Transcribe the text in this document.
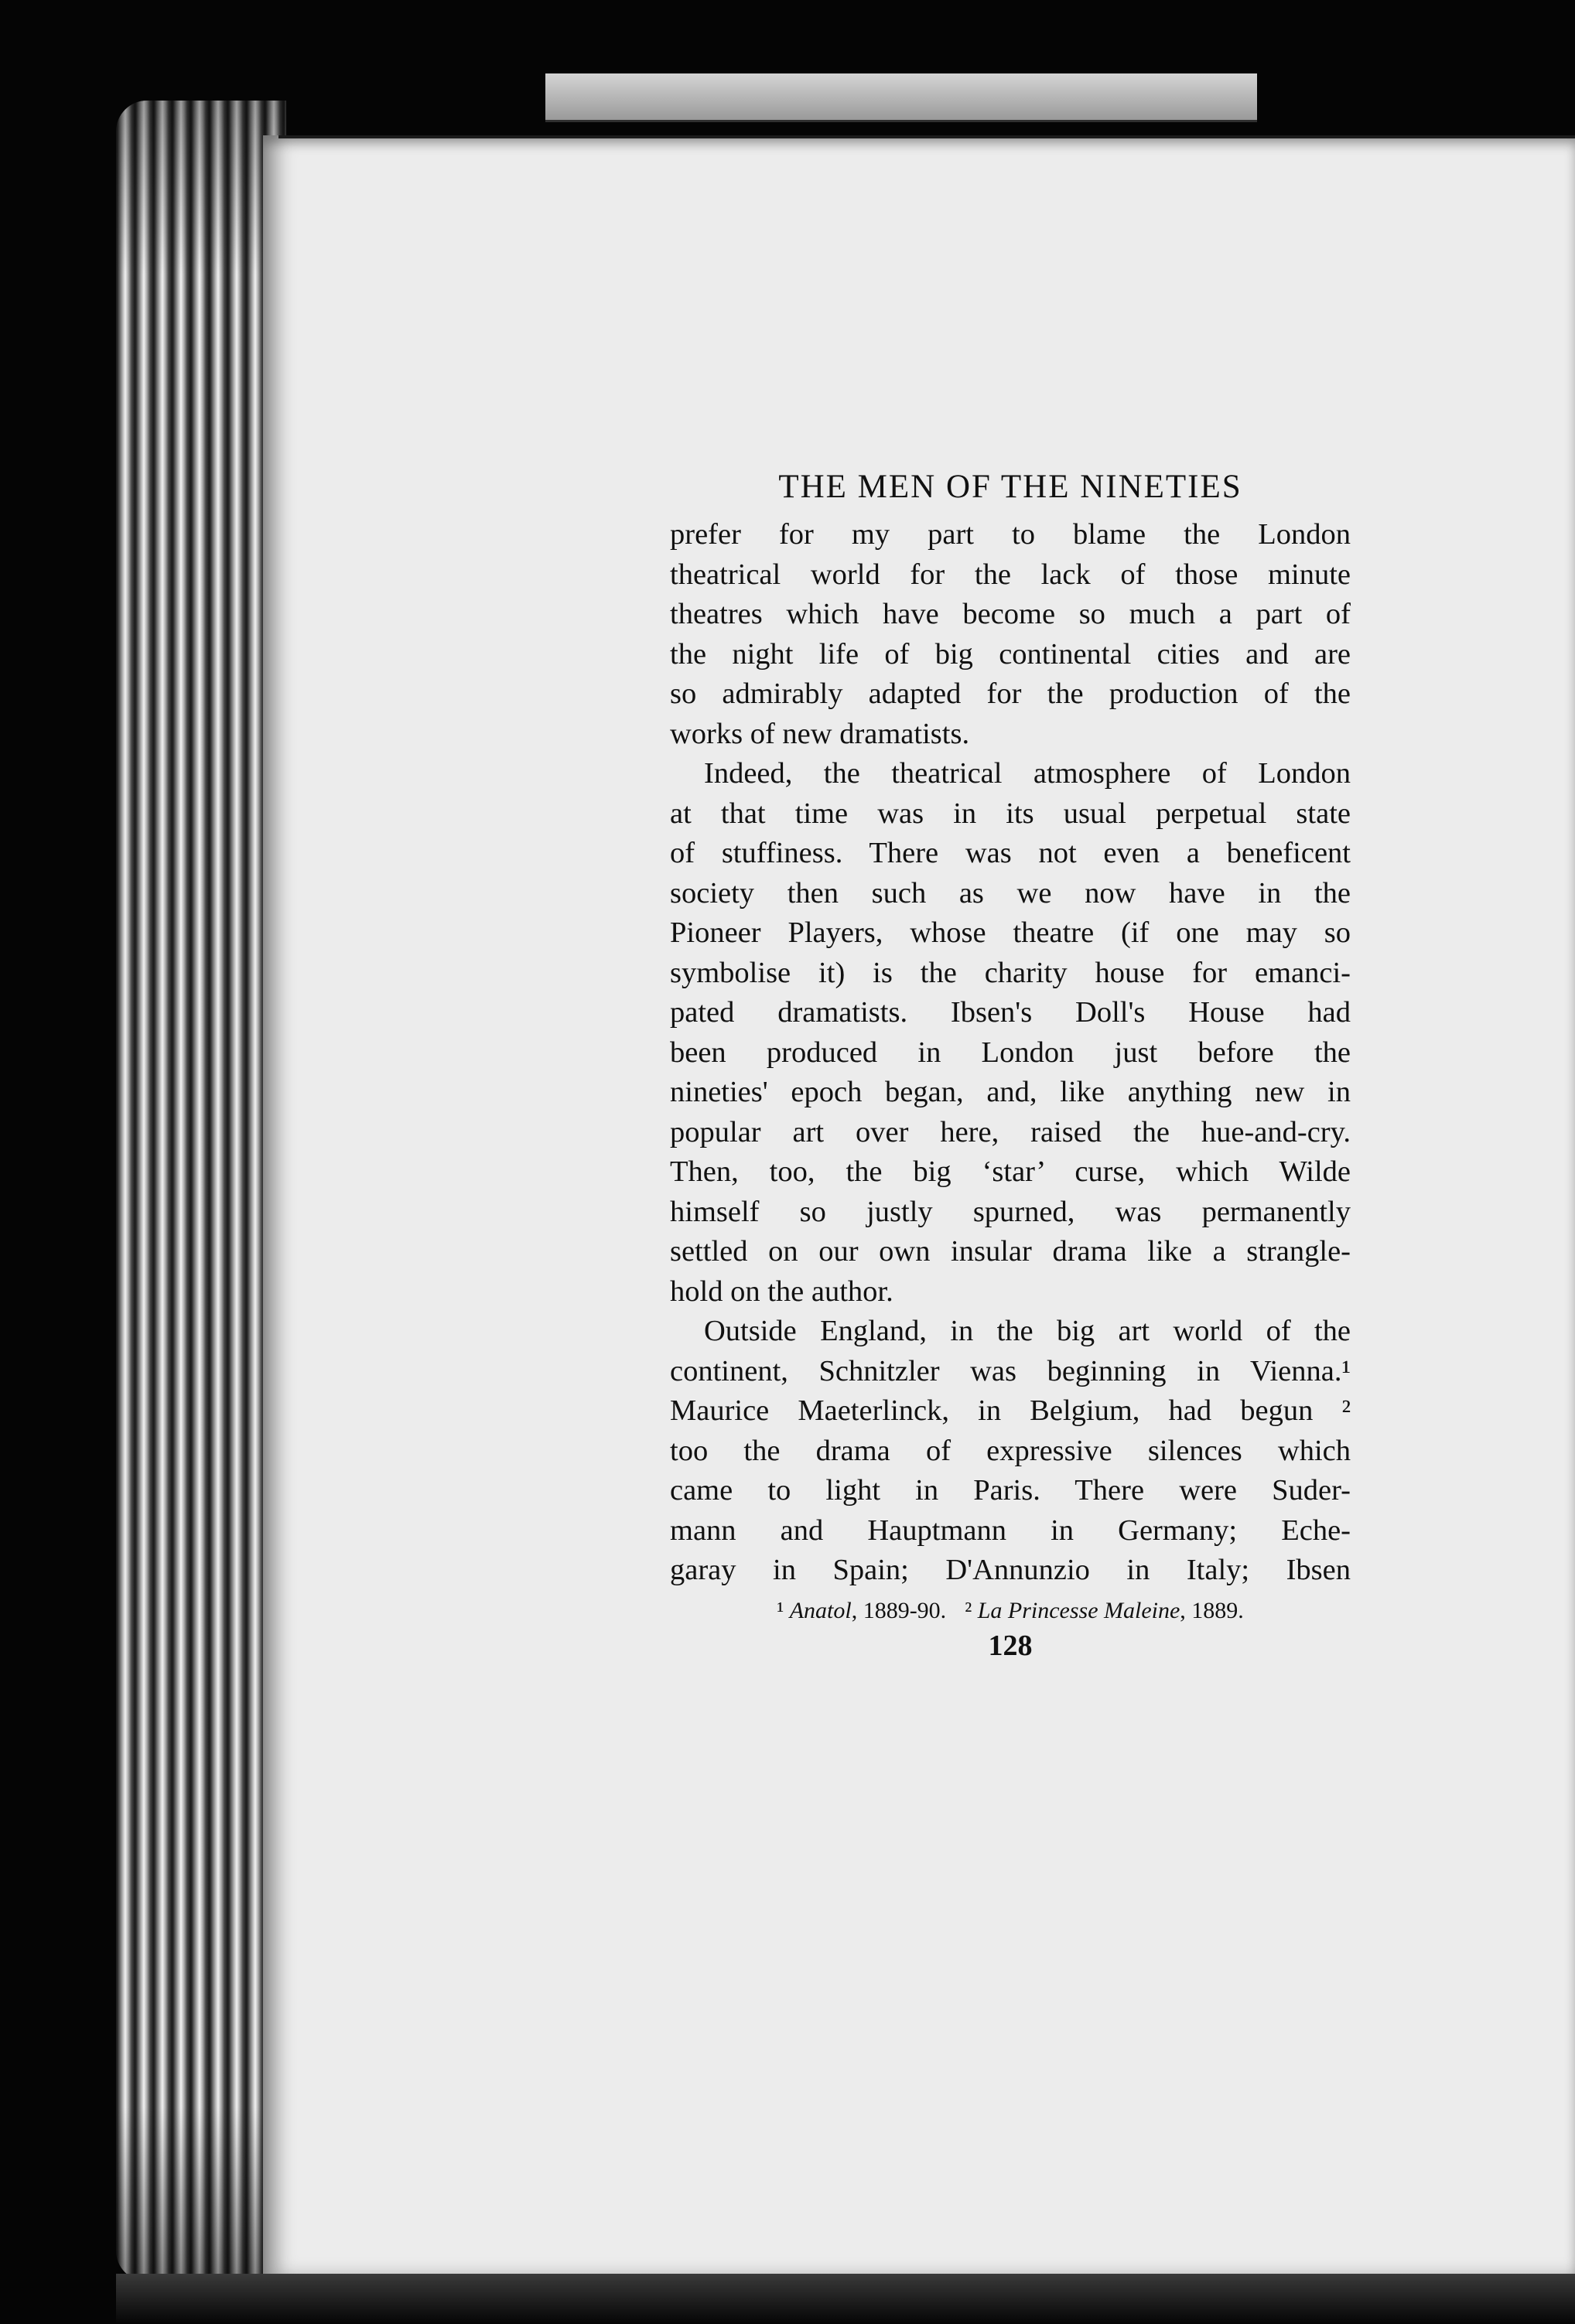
THE MEN OF THE NINETIES
prefer for my part to blame the London
theatrical world for the lack of those minute
theatres which have become so much a part of
the night life of big continental cities and are
so admirably adapted for the production of the
works of new dramatists.
Indeed, the theatrical atmosphere of London
at that time was in its usual perpetual state
of stuffiness. There was not even a beneficent
society then such as we now have in the
Pioneer Players, whose theatre (if one may so
symbolise it) is the charity house for emanci-
pated dramatists. Ibsen's Doll's House had
been produced in London just before the
nineties' epoch began, and, like anything new in
popular art over here, raised the hue-and-cry.
Then, too, the big ‘star’ curse, which Wilde
himself so justly spurned, was permanently
settled on our own insular drama like a strangle-
hold on the author.
Outside England, in the big art world of the
continent, Schnitzler was beginning in Vienna.¹
Maurice Maeterlinck, in Belgium, had begun ²
too the drama of expressive silences which
came to light in Paris. There were Suder-
mann and Hauptmann in Germany; Eche-
garay in Spain; D'Annunzio in Italy; Ibsen
¹ Anatol, 1889-90. ² La Princesse Maleine, 1889.
128
